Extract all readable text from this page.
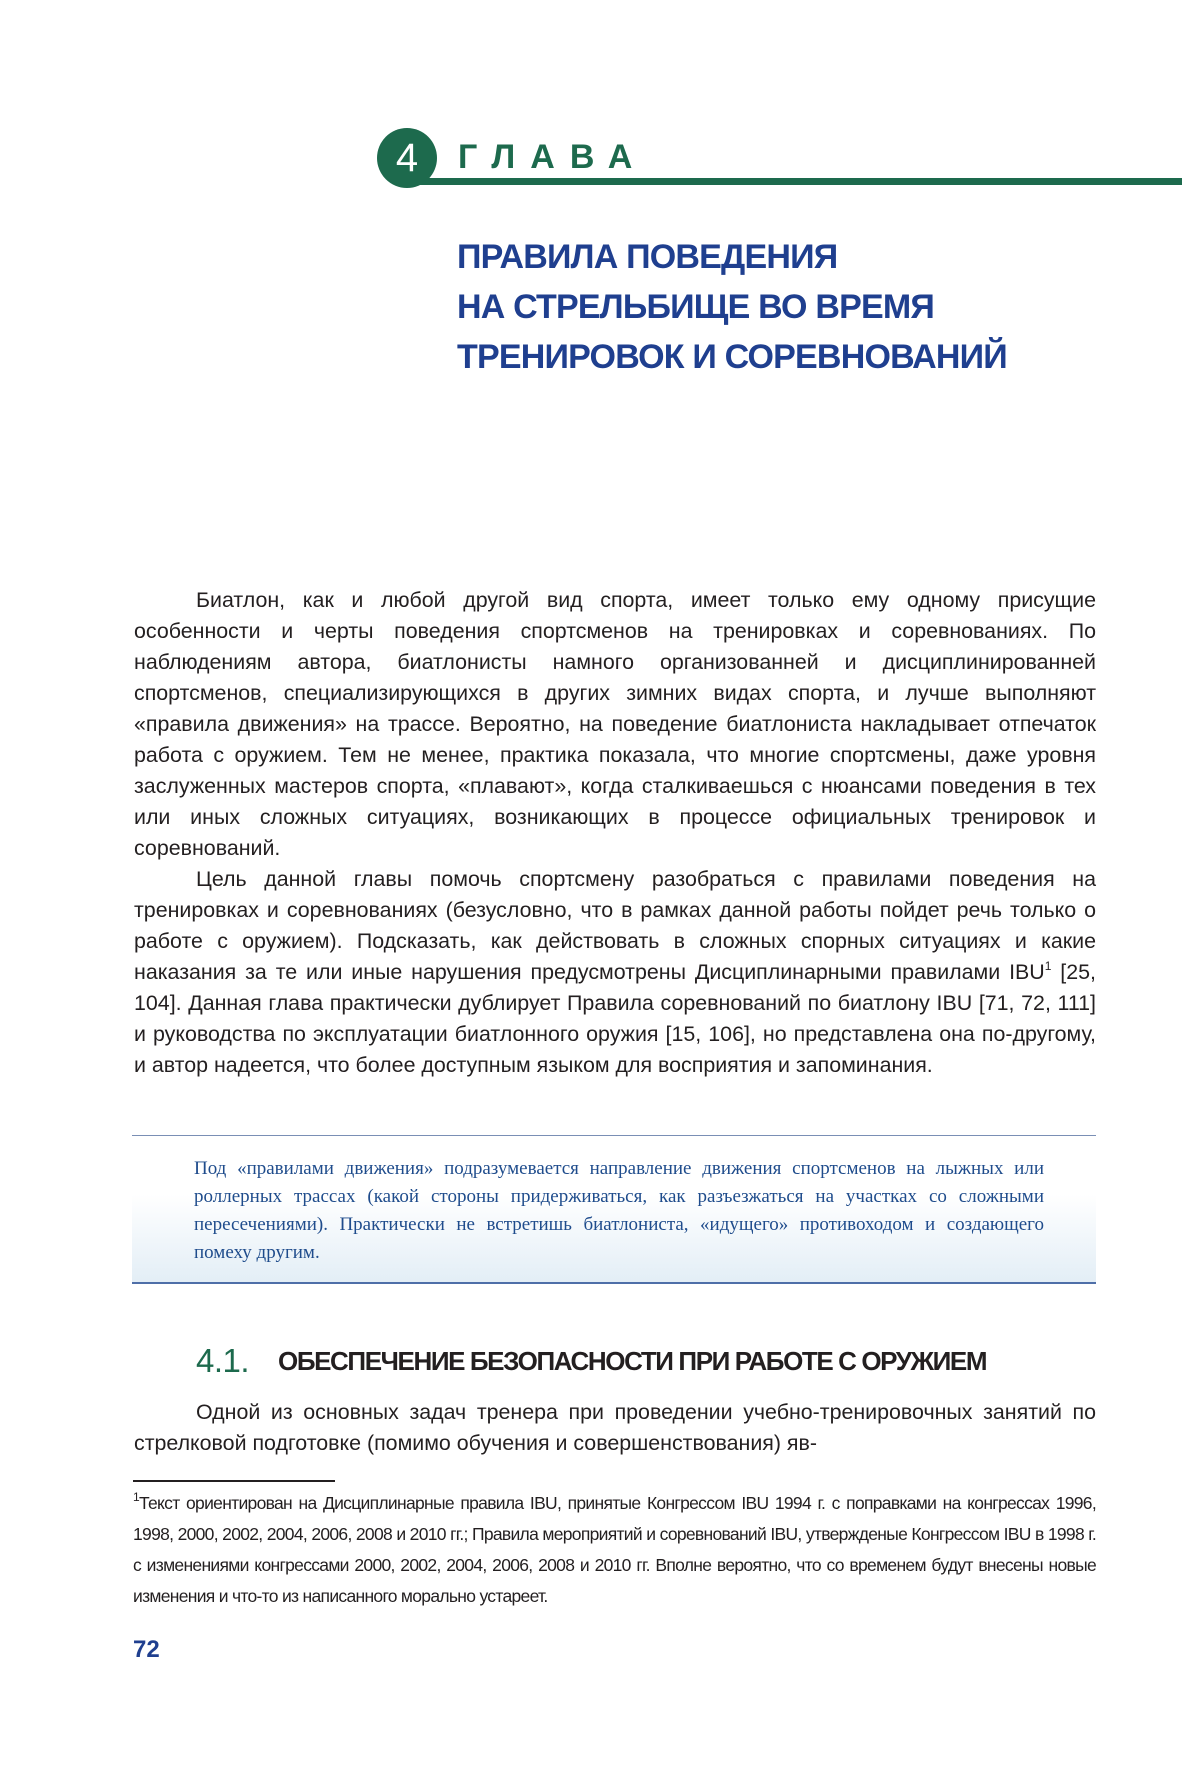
4	ГЛАВА
ПРАВИЛА ПОВЕДЕНИЯ
НА СТРЕЛЬБИЩЕ ВО ВРЕМЯ
ТРЕНИРОВОК И СОРЕВНОВАНИЙ

Биатлон, как и любой другой вид спорта, имеет только ему одному присущие особенности и черты поведения спортсменов на тренировках и соревнованиях. По наблюдениям автора, биатлонисты намного организованней и дисциплинированней спортсменов, специализирующихся в других зимних видах спорта, и лучше выполняют «правила движения» на трассе. Вероятно, на поведение биатлониста накладывает отпечаток работа с оружием. Тем не менее, практика показала, что многие спортсмены, даже уровня заслуженных мастеров спорта, «плавают», когда сталкиваешься с нюансами поведения в тех или иных сложных ситуациях, возникающих в процессе официальных тренировок и соревнований.

Цель данной главы помочь спортсмену разобраться с правилами поведения на тренировках и соревнованиях (безусловно, что в рамках данной работы пойдет речь только о работе с оружием). Подсказать, как действовать в сложных спорных ситуациях и какие наказания за те или иные нарушения предусмотрены Дисциплинарными правилами IBU$^1$ [25, 104]. Данная глава практически дублирует Правила соревнований по биатлону IBU [71, 72, 111] и руководства по эксплуатации биатлонного оружия [15, 106], но представлена она по-другому, и автор надеется, что более доступным языком для восприятия и запоминания.

Под «правилами движения» подразумевается направление движения спортсменов на лыжных или роллерных трассах (какой стороны придерживаться, как разъезжаться на участках со сложными пересечениями). Практически не встретишь биатлониста, «идущего» противоходом и создающего помеху другим.

4.1. ОБЕСПЕЧЕНИЕ БЕЗОПАСНОСТИ ПРИ РАБОТЕ С ОРУЖИЕМ

Одной из основных задач тренера при проведении учебно-тренировочных занятий по стрелковой подготовке (помимо обучения и совершенствования) яв-

$^1$Текст ориентирован на Дисциплинарные правила IBU, принятые Конгрессом IBU 1994 г. с поправками на конгрессах 1996, 1998, 2000, 2002, 2004, 2006, 2008 и 2010 гг.; Правила мероприятий и соревнований IBU, утвержденые Конгрессом IBU в 1998 г. с изменениями конгрессами 2000, 2002, 2004, 2006, 2008 и 2010 гг. Вполне вероятно, что со временем будут внесены новые изменения и что-то из написанного морально устареет.

72
